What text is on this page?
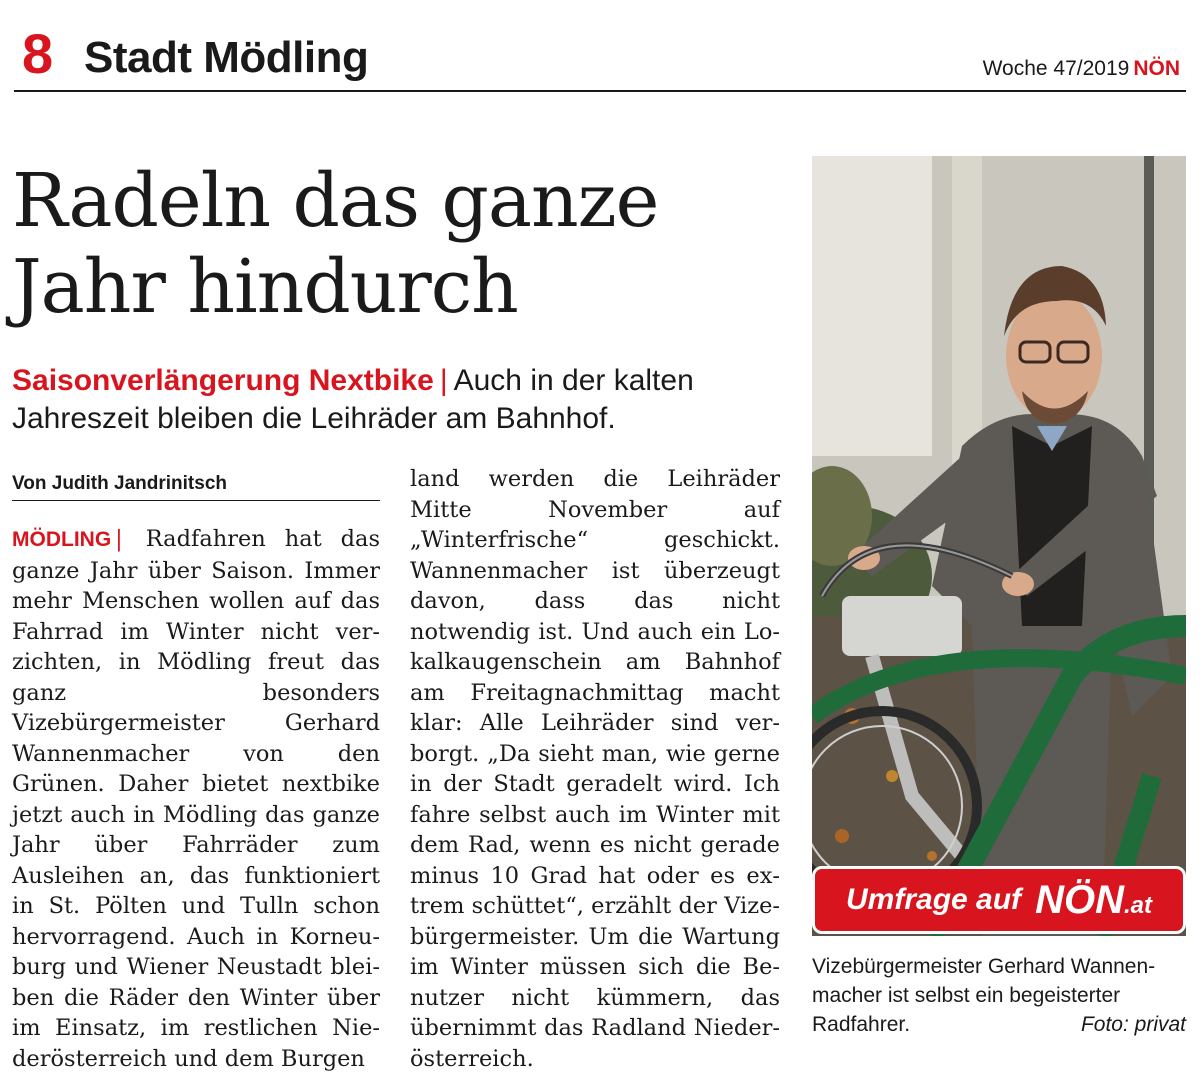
8 Stadt Mödling	Woche 47/2019 NÖN
Radeln das ganze
Jahr hindurch
Saisonverlängerung Nextbike | Auch in der kalten Jahreszeit bleiben die Leihräder am Bahnhof.
Von Judith Jandrinitsch
MÖDLING | Radfahren hat das ganze Jahr über Saison. Immer mehr Menschen wollen auf das Fahrrad im Winter nicht verzichten, in Mödling freut das ganz besonders Vizebürgermeister Gerhard Wannenmacher von den Grünen. Daher bietet nextbike jetzt auch in Mödling das ganze Jahr über Fahrräder zum Ausleihen an, das funktioniert in St. Pölten und Tulln schon hervorragend. Auch in Korneuburg und Wiener Neustadt bleiben die Räder den Winter über im Einsatz, im restlichen Niederösterreich und dem Burgen
land werden die Leihräder Mitte November auf „Winterfrische“ geschickt. Wannenmacher ist überzeugt davon, dass das nicht notwendig ist. Und auch ein Lokalkaugenschein am Bahnhof am Freitagnachmittag macht klar: Alle Leihräder sind verborgt. „Da sieht man, wie gerne in der Stadt geradelt wird. Ich fahre selbst auch im Winter mit dem Rad, wenn es nicht gerade minus 10 Grad hat oder es extrem schüttet“, erzählt der Vizebürgermeister. Um die Wartung im Winter müssen sich die Benutzer nicht kümmern, das übernimmt das Radland Niederösterreich.
Umfrage auf NÖN.at
Vizebürgermeister Gerhard Wannenmacher ist selbst ein begeisterter Radfahrer.	Foto: privat
